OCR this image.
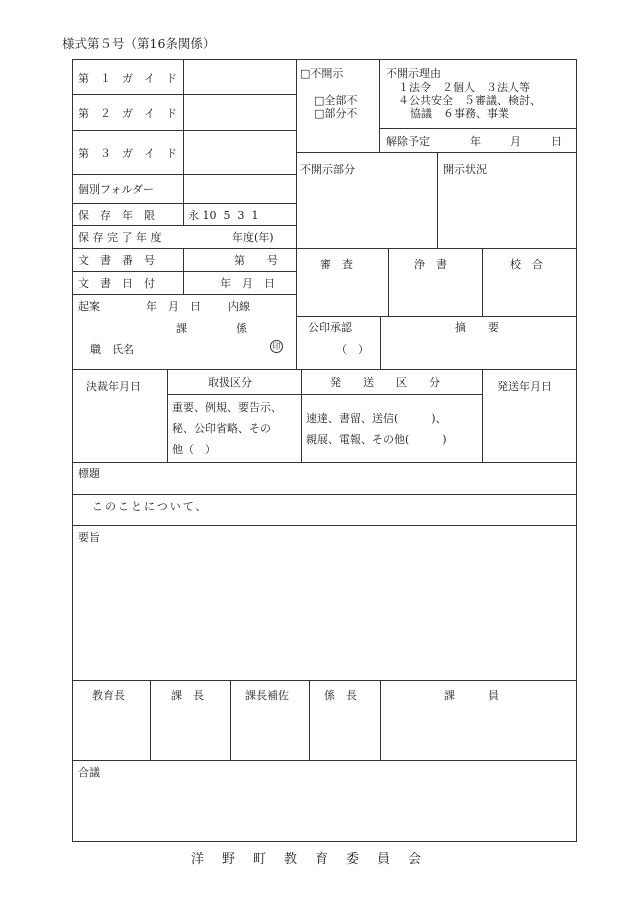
様式第５号（第16条関係）
第　１　ガ　イ　ド
第　２　ガ　イ　ド
第　３　ガ　イ　ド
個別フォルダー
保　存　年　限	永 10  5  3  1
保 存 完 了 年 度	年度(年)
文　書　番　号	第　　号
文　書　日　付	年　月　日
□不開示
□全部不
□部分不
不開示理由
１法令　２個人　３法人等
４公共安全　５審議、検討、
協議　６事務、事業
解除予定	年	月	日
不開示部分	開示状況
審　査	浄　書	校　合
起案	年　月　日 内線
課	係
職　氏名	印
公印承認
（　）
摘　　要
決裁年月日	取扱区分
重要、例規、要告示、
秘、公印省略、その
他（　）
発　　送　　区　　分
速達、書留、送信(　　　)、
親展、電報、その他(　　　)
発送年月日
標題
このことについて、
要旨
教育長	課　長	課長補佐	係　長	課　　　員
合議
洋野町教育委員会
